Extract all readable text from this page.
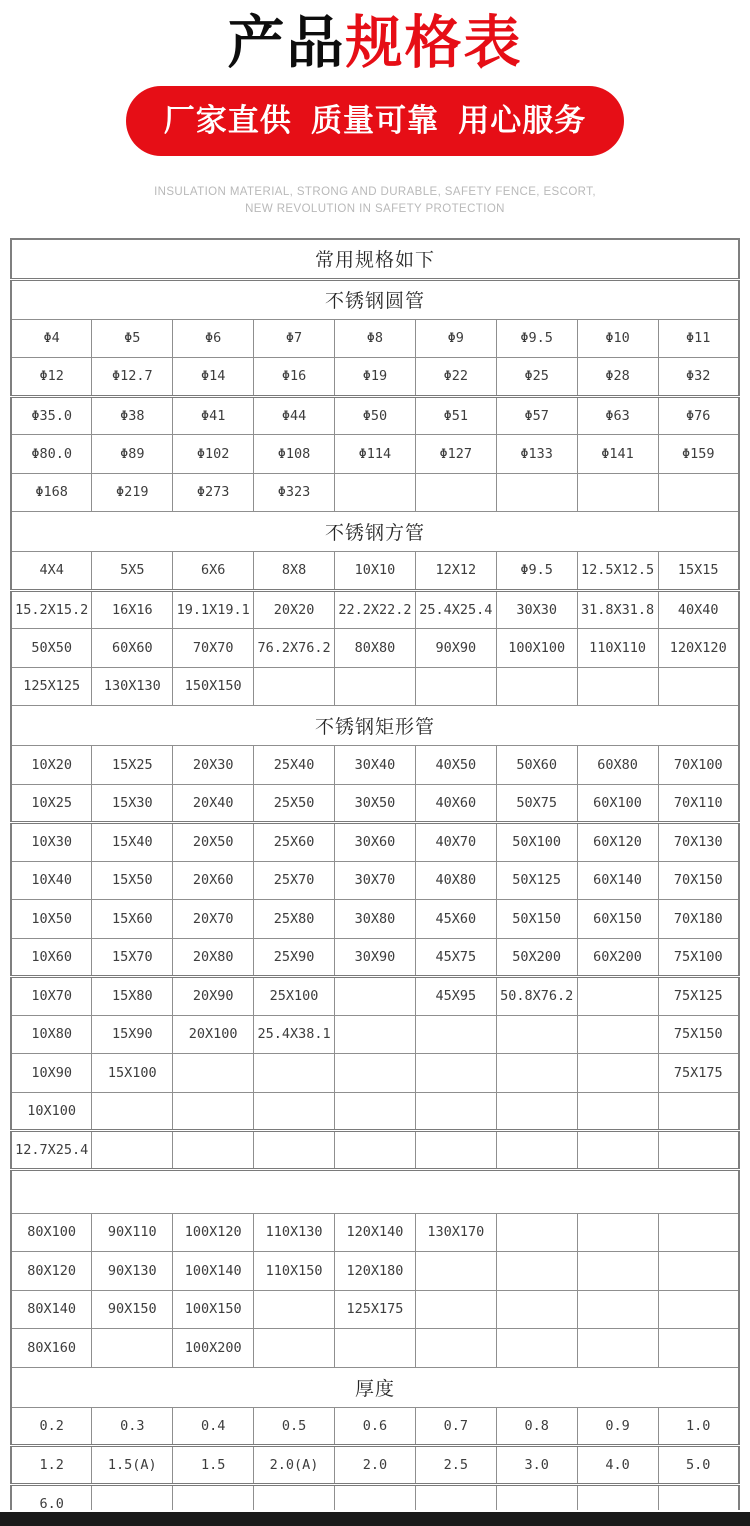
产品规格表
厂家直供  质量可靠  用心服务
INSULATION MATERIAL, STRONG AND DURABLE, SAFETY FENCE, ESCORT,
NEW REVOLUTION IN SAFETY PROTECTION
常用规格如下								
不锈钢圆管								
Φ4	Φ5	Φ6	Φ7	Φ8	Φ9	Φ9.5	Φ10	Φ11
Φ12	Φ12.7	Φ14	Φ16	Φ19	Φ22	Φ25	Φ28	Φ32
Φ35.0	Φ38	Φ41	Φ44	Φ50	Φ51	Φ57	Φ63	Φ76
Φ80.0	Φ89	Φ102	Φ108	Φ114	Φ127	Φ133	Φ141	Φ159
Φ168	Φ219	Φ273	Φ323					
不锈钢方管								
4X4	5X5	6X6	8X8	10X10	12X12	Φ9.5	12.5X12.5	15X15
15.2X15.2	16X16	19.1X19.1	20X20	22.2X22.2	25.4X25.4	30X30	31.8X31.8	40X40
50X50	60X60	70X70	76.2X76.2	80X80	90X90	100X100	110X110	120X120
125X125	130X130	150X150						
不锈钢矩形管								
10X20	15X25	20X30	25X40	30X40	40X50	50X60	60X80	70X100
10X25	15X30	20X40	25X50	30X50	40X60	50X75	60X100	70X110
10X30	15X40	20X50	25X60	30X60	40X70	50X100	60X120	70X130
10X40	15X50	20X60	25X70	30X70	40X80	50X125	60X140	70X150
10X50	15X60	20X70	25X80	30X80	45X60	50X150	60X150	70X180
10X60	15X70	20X80	25X90	30X90	45X75	50X200	60X200	75X100
10X70	15X80	20X90	25X100		45X95	50.8X76.2		75X125
10X80	15X90	20X100	25.4X38.1					75X150
10X90	15X100							75X175
10X100								
12.7X25.4								

80X100	90X110	100X120	110X130	120X140	130X170			
80X120	90X130	100X140	110X150	120X180				
80X140	90X150	100X150		125X175				
80X160		100X200						
厚度								
0.2	0.3	0.4	0.5	0.6	0.7	0.8	0.9	1.0
1.2	1.5(A)	1.5	2.0(A)	2.0	2.5	3.0	4.0	5.0
6.0								
